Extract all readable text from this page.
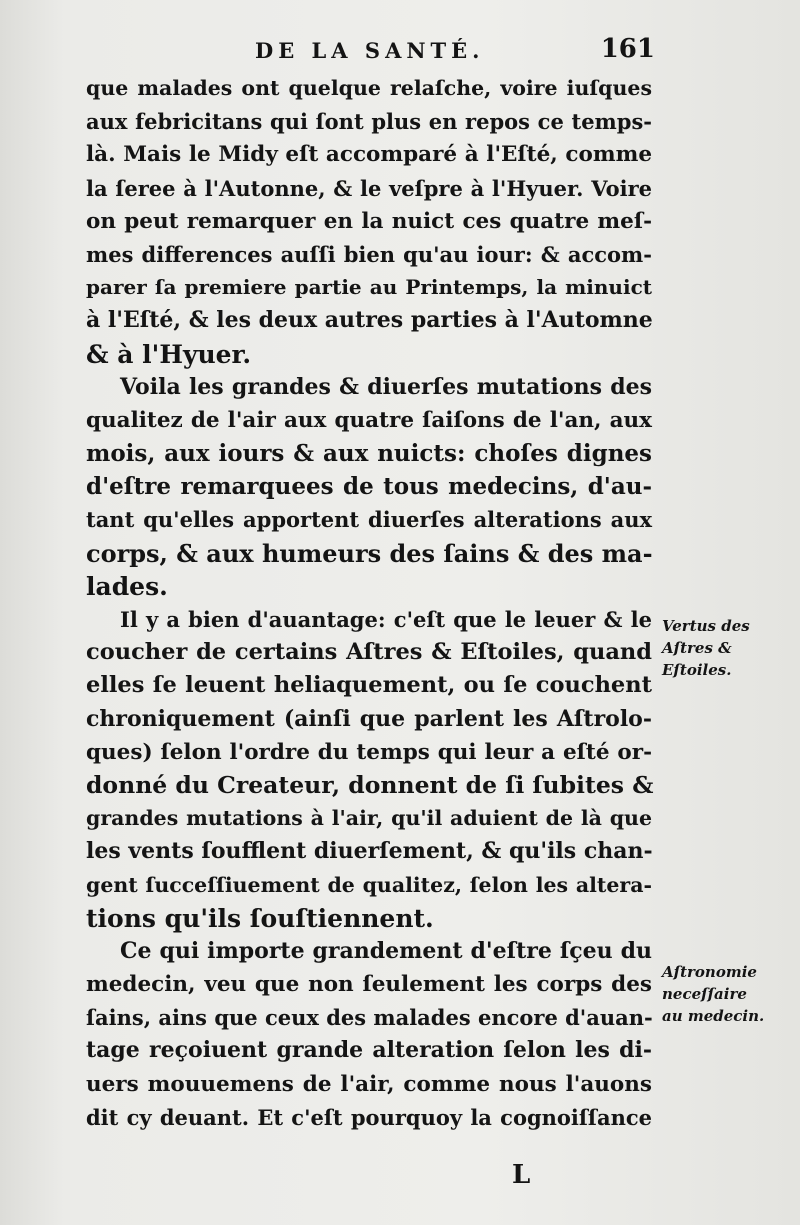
DE LA SANTÉ.	161
que malades ont quelque relaſche, voire iuſques
aux febricitans qui ſont plus en repos ce temps-
là. Mais le Midy eſt accomparé à l'Eſté, comme
la ſeree à l'Autonne, & le veſpre à l'Hyuer. Voire
on peut remarquer en la nuict ces quatre meſ-
mes differences auſſi bien qu'au iour: & accom-
parer ſa premiere partie au Printemps, la minuict
à l'Eſté, & les deux autres parties à l'Automne
& à l'Hyuer.
Voila les grandes & diuerſes mutations des
qualitez de l'air aux quatre ſaiſons de l'an, aux
mois, aux iours & aux nuicts: choſes dignes
d'eſtre remarquees de tous medecins, d'au-
tant qu'elles apportent diuerſes alterations aux
corps, & aux humeurs des ſains & des ma-
lades.
Il y a bien d'auantage: c'eſt que le leuer & le
coucher de certains Aſtres & Eſtoiles, quand
elles ſe leuent heliaquement, ou ſe couchent
chroniquement (ainſi que parlent les Aſtrolo-
ques) ſelon l'ordre du temps qui leur a eſté or-
donné du Createur, donnent de ſi ſubites &
grandes mutations à l'air, qu'il aduient de là que
les vents ſoufflent diuerſement, & qu'ils chan-
gent ſucceſſiuement de qualitez, ſelon les altera-
tions qu'ils ſouſtiennent.
Ce qui importe grandement d'eſtre ſçeu du
medecin, veu que non ſeulement les corps des
ſains, ains que ceux des malades encore d'auan-
tage reçoiuent grande alteration ſelon les di-
uers mouuemens de l'air, comme nous l'auons
dit cy deuant. Et c'eſt pourquoy la cognoiſſance
Vertus des
Aſtres &
Eſtoiles.
Aſtronomie
neceſſaire
au medecin.
L
